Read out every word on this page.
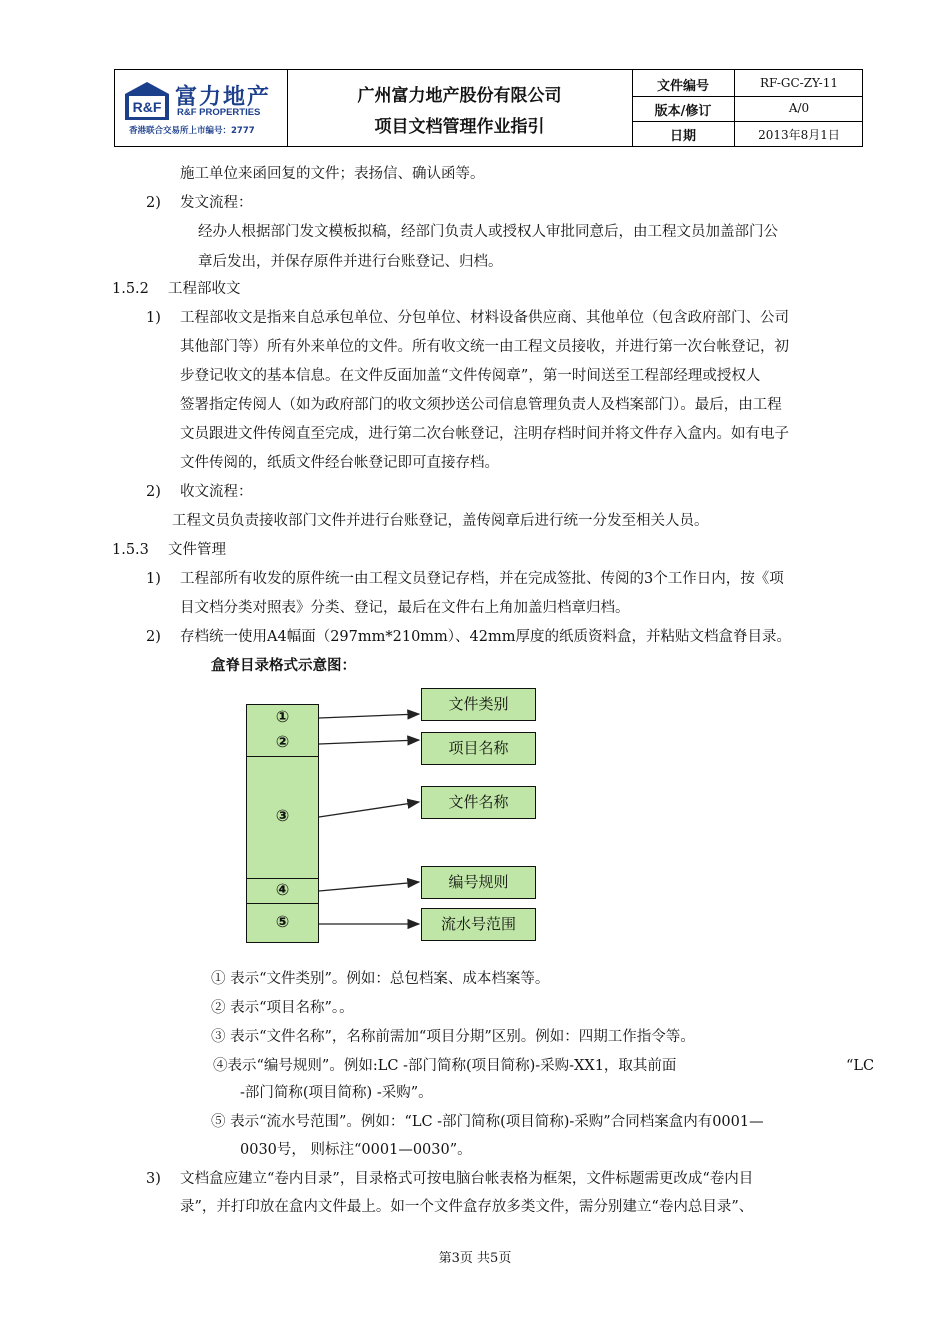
R&F 富力地产
R&F PROPERTIES
香港联合交易所上市编号：2777
广州富力地产股份有限公司
项目文档管理作业指引
文件编号	RF-GC-ZY-11
版本/修订	A/0
日期	2013年8月1日
施工单位来函回复的文件；表扬信、确认函等。
2) 发文流程：
经办人根据部门发文模板拟稿，经部门负责人或授权人审批同意后，由工程文员加盖部门公
章后发出，并保存原件并进行台账登记、归档。
1.5.2 工程部收文
1) 工程部收文是指来自总承包单位、分包单位、材料设备供应商、其他单位（包含政府部门、公司
其他部门等）所有外来单位的文件。所有收文统一由工程文员接收，并进行第一次台帐登记，初
步登记收文的基本信息。在文件反面加盖“文件传阅章”，第一时间送至工程部经理或授权人
签署指定传阅人（如为政府部门的收文须抄送公司信息管理负责人及档案部门）。最后，由工程
文员跟进文件传阅直至完成，进行第二次台帐登记，注明存档时间并将文件存入盒内。如有电子
文件传阅的，纸质文件经台帐登记即可直接存档。
2) 收文流程：
工程文员负责接收部门文件并进行台账登记，盖传阅章后进行统一分发至相关人员。
1.5.3 文件管理
1) 工程部所有收发的原件统一由工程文员登记存档，并在完成签批、传阅的3个工作日内，按《项
目文档分类对照表》分类、登记，最后在文件右上角加盖归档章归档。
2) 存档统一使用A4幅面（297mm*210mm）、42mm厚度的纸质资料盒，并粘贴文档盒脊目录。
盒脊目录格式示意图：
①
②
③
④
⑤
文件类别
项目名称
文件名称
编号规则
流水号范围
① 表示“文件类别”。例如：总包档案、成本档案等。
② 表示“项目名称”。。
③ 表示“文件名称”，名称前需加“项目分期”区别。例如：四期工作指令等。
④表示“编号规则”。例如:LC -部门简称(项目简称)-采购-XX1，取其前面	“LC
-部门简称(项目简称) -采购”。
⑤ 表示“流水号范围”。例如：“LC -部门简称(项目简称)-采购”合同档案盒内有0001—
0030号， 则标注“0001—0030”。
3) 文档盒应建立“卷内目录”，目录格式可按电脑台帐表格为框架，文件标题需更改成“卷内目
录”，并打印放在盒内文件最上。如一个文件盒存放多类文件，需分别建立“卷内总目录”、
第3页 共5页
